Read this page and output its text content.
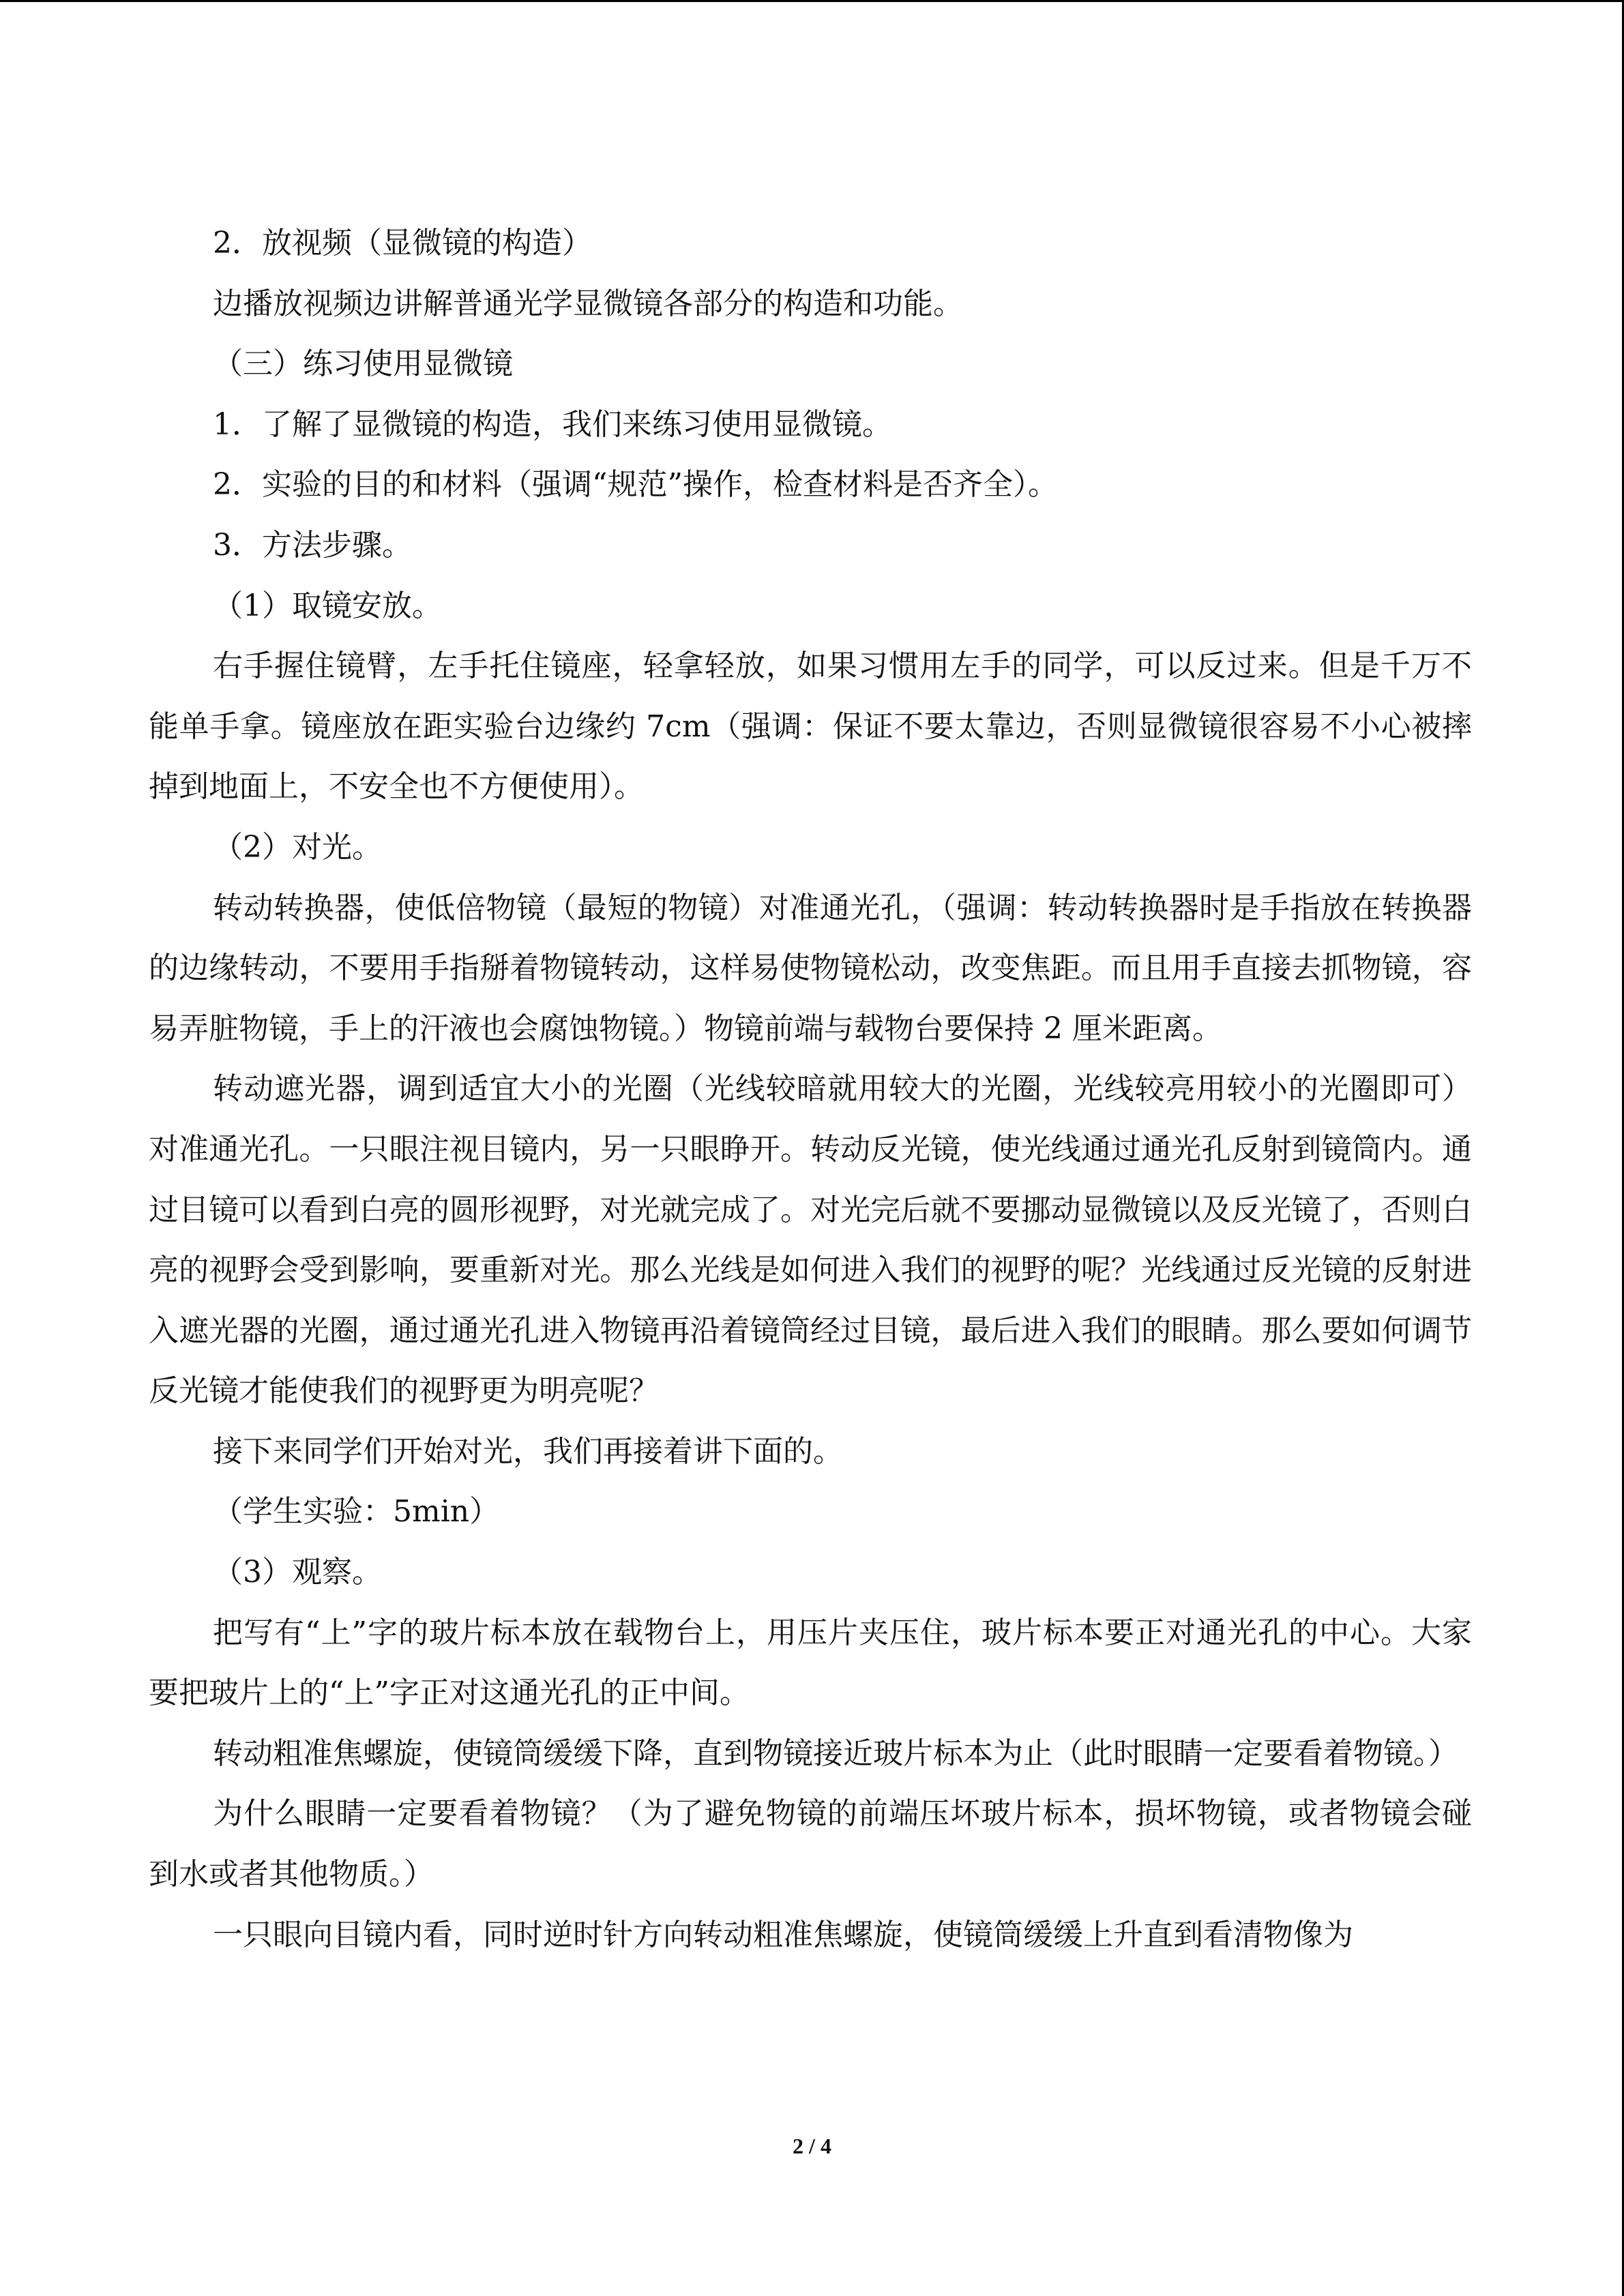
2．放视频（显微镜的构造）

边播放视频边讲解普通光学显微镜各部分的构造和功能。

（三）练习使用显微镜

1．了解了显微镜的构造，我们来练习使用显微镜。

2．实验的目的和材料（强调“规范”操作，检查材料是否齐全）。

3．方法步骤。

（1）取镜安放。

右手握住镜臂，左手托住镜座，轻拿轻放，如果习惯用左手的同学，可以反过来。但是千万不能单手拿。镜座放在距实验台边缘约 7cm（强调：保证不要太靠边，否则显微镜很容易不小心被摔掉到地面上，不安全也不方便使用）。

（2）对光。

转动转换器，使低倍物镜（最短的物镜）对准通光孔，（强调：转动转换器时是手指放在转换器的边缘转动，不要用手指掰着物镜转动，这样易使物镜松动，改变焦距。而且用手直接去抓物镜，容易弄脏物镜，手上的汗液也会腐蚀物镜。）物镜前端与载物台要保持 2 厘米距离。

转动遮光器，调到适宜大小的光圈（光线较暗就用较大的光圈，光线较亮用较小的光圈即可）对准通光孔。一只眼注视目镜内，另一只眼睁开。转动反光镜，使光线通过通光孔反射到镜筒内。通过目镜可以看到白亮的圆形视野，对光就完成了。对光完后就不要挪动显微镜以及反光镜了，否则白亮的视野会受到影响，要重新对光。那么光线是如何进入我们的视野的呢？光线通过反光镜的反射进入遮光器的光圈，通过通光孔进入物镜再沿着镜筒经过目镜，最后进入我们的眼睛。那么要如何调节反光镜才能使我们的视野更为明亮呢？

接下来同学们开始对光，我们再接着讲下面的。

（学生实验：5min）

（3）观察。

把写有“上”字的玻片标本放在载物台上，用压片夹压住，玻片标本要正对通光孔的中心。大家要把玻片上的“上”字正对这通光孔的正中间。

转动粗准焦螺旋，使镜筒缓缓下降，直到物镜接近玻片标本为止（此时眼睛一定要看着物镜。）

为什么眼睛一定要看着物镜？（为了避免物镜的前端压坏玻片标本，损坏物镜，或者物镜会碰到水或者其他物质。）

一只眼向目镜内看，同时逆时针方向转动粗准焦螺旋，使镜筒缓缓上升直到看清物像为

2 / 4
